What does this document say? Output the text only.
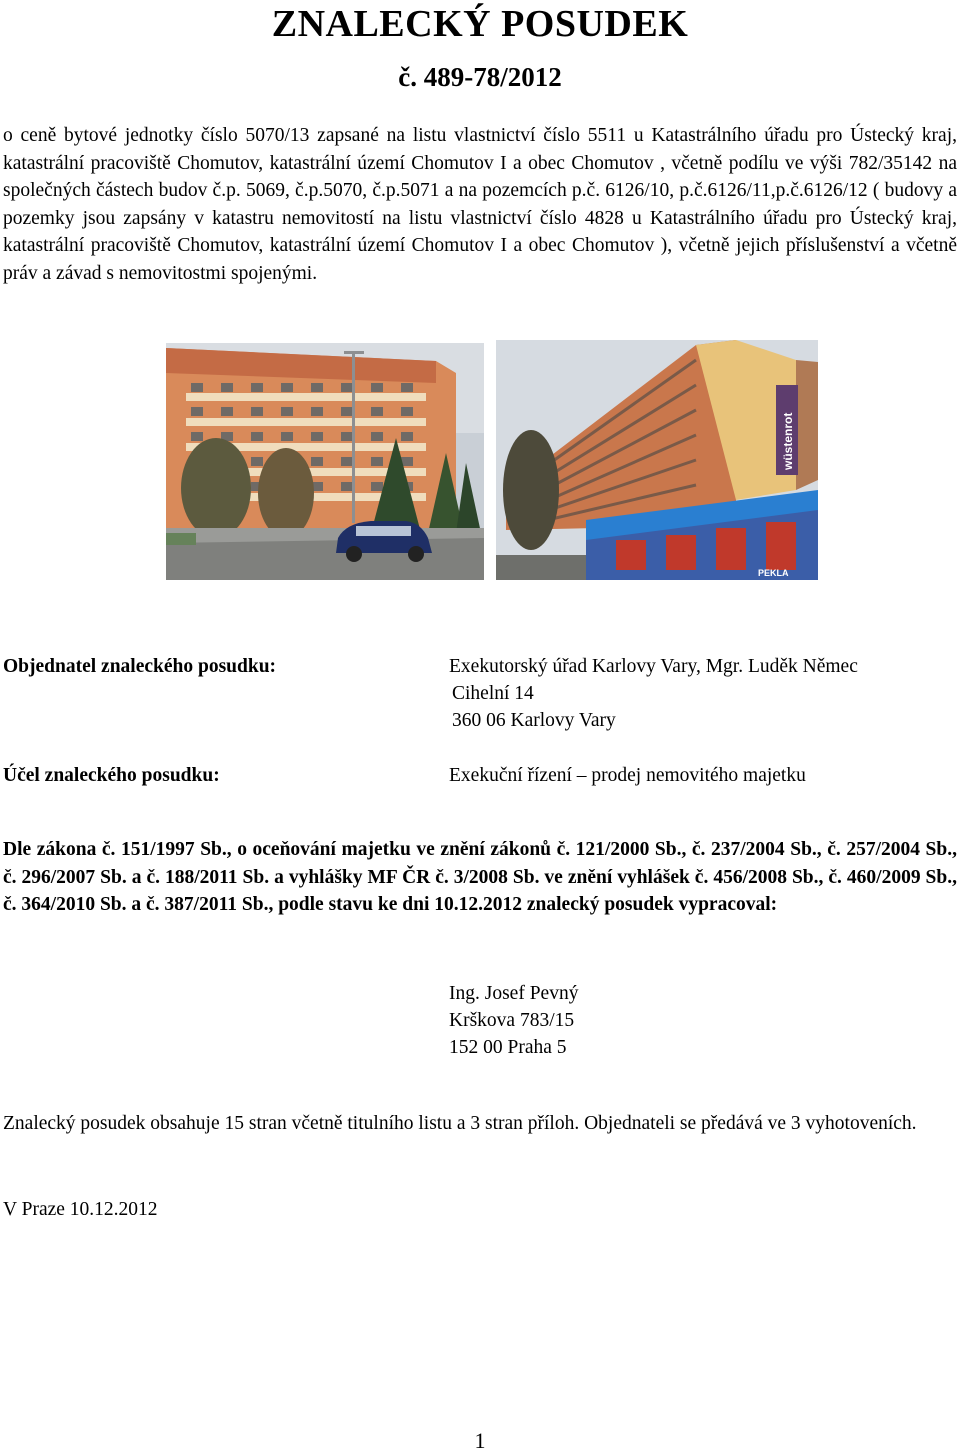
ZNALECKÝ POSUDEK
č. 489-78/2012
o ceně bytové jednotky číslo 5070/13 zapsané na listu vlastnictví číslo 5511 u Katastrálního úřadu pro Ústecký kraj, katastrální pracoviště Chomutov, katastrální území Chomutov I a obec Chomutov , včetně podílu ve výši 782/35142 na společných částech budov č.p. 5069, č.p.5070, č.p.5071 a na pozemcích p.č. 6126/10, p.č.6126/11,p.č.6126/12 ( budovy a pozemky jsou zapsány v katastru nemovitostí na listu vlastnictví číslo 4828 u Katastrálního úřadu pro Ústecký kraj, katastrální pracoviště Chomutov, katastrální území Chomutov I a obec Chomutov ), včetně jejich příslušenství a včetně práv a závad s nemovitostmi spojenými.
wüstenrot
PEKLA
Objednatel znaleckého posudku:	Exekutorský úřad Karlovy Vary, Mgr. Luděk Němec
Cihelní 14
360 06 Karlovy Vary
Účel znaleckého posudku:	Exekuční řízení – prodej nemovitého majetku
Dle zákona č. 151/1997 Sb., o oceňování majetku ve znění zákonů č. 121/2000 Sb., č. 237/2004 Sb., č. 257/2004 Sb., č. 296/2007 Sb. a č. 188/2011 Sb. a vyhlášky MF ČR č. 3/2008 Sb. ve znění vyhlášek č. 456/2008 Sb., č. 460/2009 Sb., č. 364/2010 Sb. a č. 387/2011 Sb., podle stavu ke dni 10.12.2012 znalecký posudek vypracoval:
Ing. Josef Pevný
Krškova 783/15
152 00 Praha 5
Znalecký posudek obsahuje 15 stran včetně titulního listu a 3 stran příloh. Objednateli se předává ve 3 vyhotoveních.
V Praze 10.12.2012
1
